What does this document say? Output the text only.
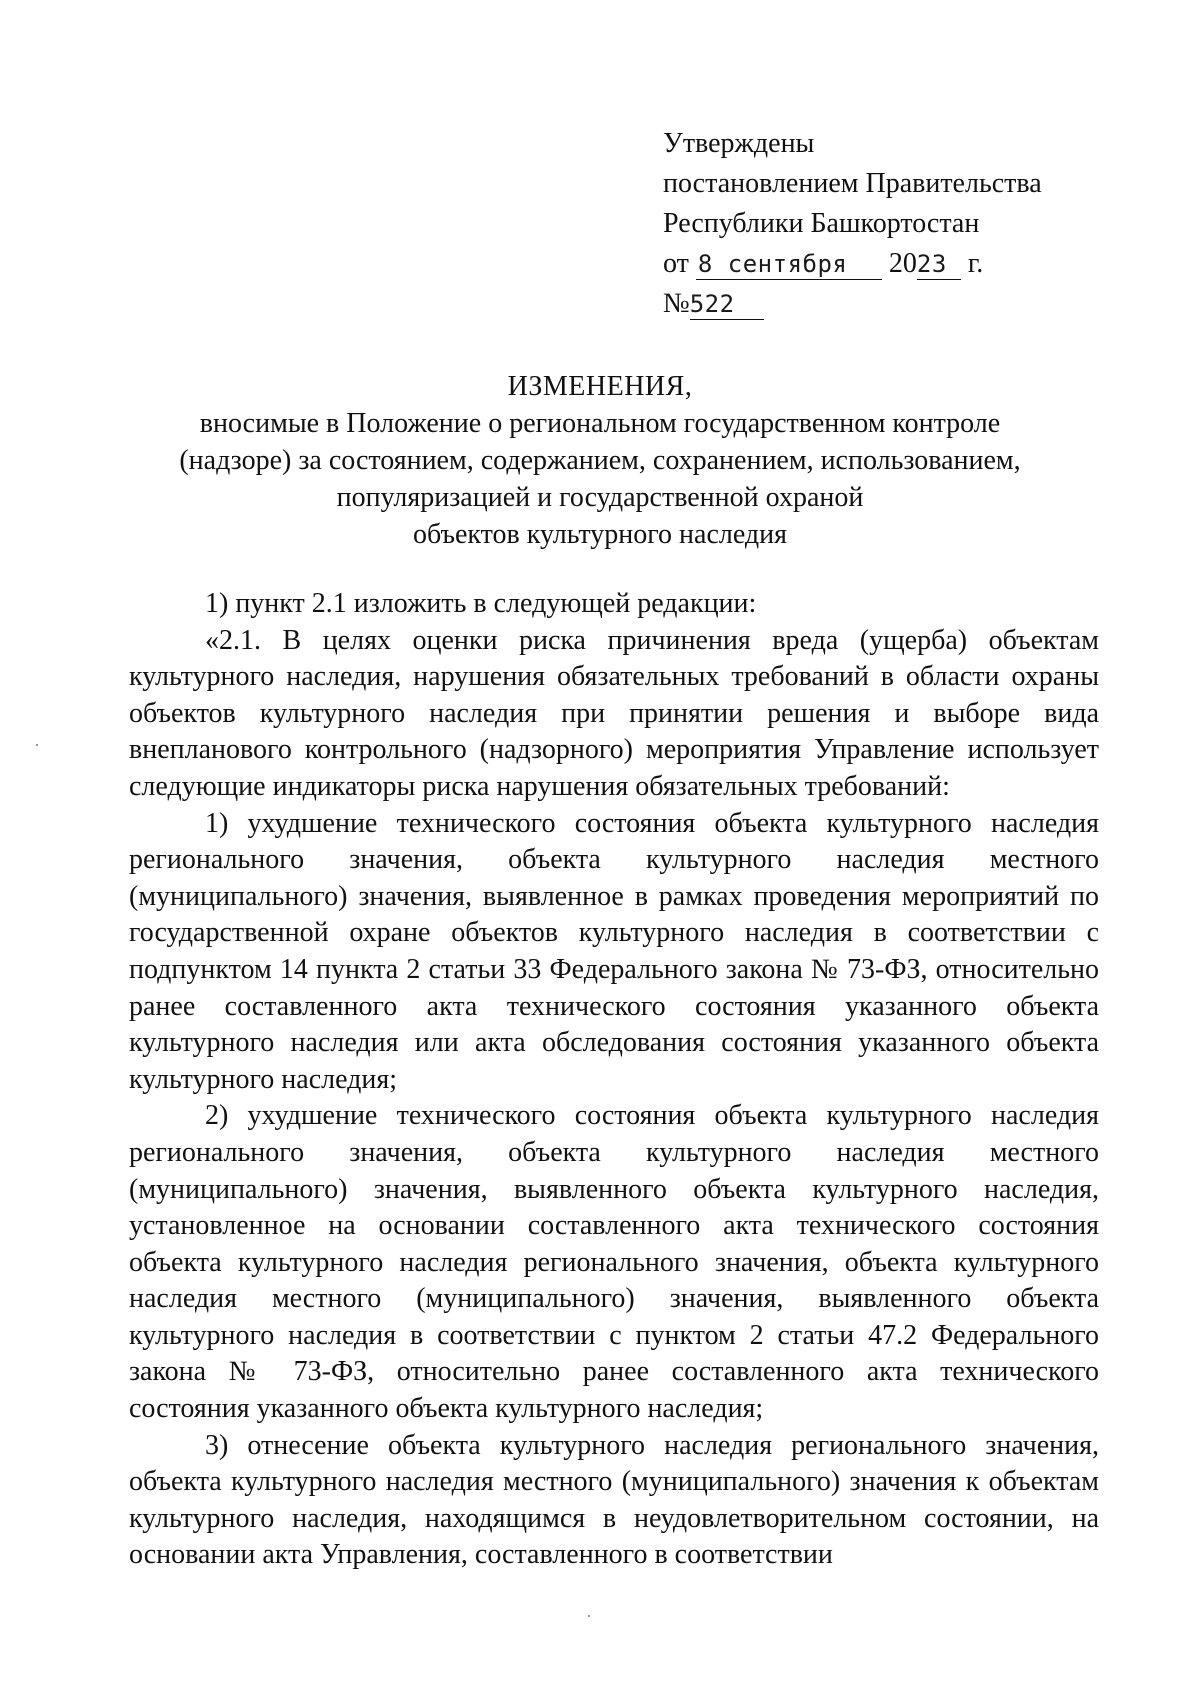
Утверждены
постановлением Правительства
Республики Башкортостан
от 8 сентября 2023 г.
№522
ИЗМЕНЕНИЯ,
вносимые в Положение о региональном государственном контроле
(надзоре) за состоянием, содержанием, сохранением, использованием,
популяризацией и государственной охраной
объектов культурного наследия

1) пункт 2.1 изложить в следующей редакции:

«2.1. В целях оценки риска причинения вреда (ущерба) объектам культурного наследия, нарушения обязательных требований в области охраны объектов культурного наследия при принятии решения и выборе вида внепланового контрольного (надзорного) мероприятия Управление использует следующие индикаторы риска нарушения обязательных требований:

1) ухудшение технического состояния объекта культурного наследия регионального значения, объекта культурного наследия местного (муниципального) значения, выявленное в рамках проведения мероприятий по государственной охране объектов культурного наследия в соответствии с подпунктом 14 пункта 2 статьи 33 Федерального закона № 73-ФЗ, относительно ранее составленного акта технического состояния указанного объекта культурного наследия или акта обследования состояния указанного объекта культурного наследия;

2) ухудшение технического состояния объекта культурного наследия регионального значения, объекта культурного наследия местного (муниципального) значения, выявленного объекта культурного наследия, установленное на основании составленного акта технического состояния объекта культурного наследия регионального значения, объекта культурного наследия местного (муниципального) значения, выявленного объекта культурного наследия в соответствии с пунктом 2 статьи 47.2 Федерального закона № 73-ФЗ, относительно ранее составленного акта технического состояния указанного объекта культурного наследия;

3) отнесение объекта культурного наследия регионального значения, объекта культурного наследия местного (муниципального) значения к объектам культурного наследия, находящимся в неудовлетворительном состоянии, на основании акта Управления, составленного в соответствии
